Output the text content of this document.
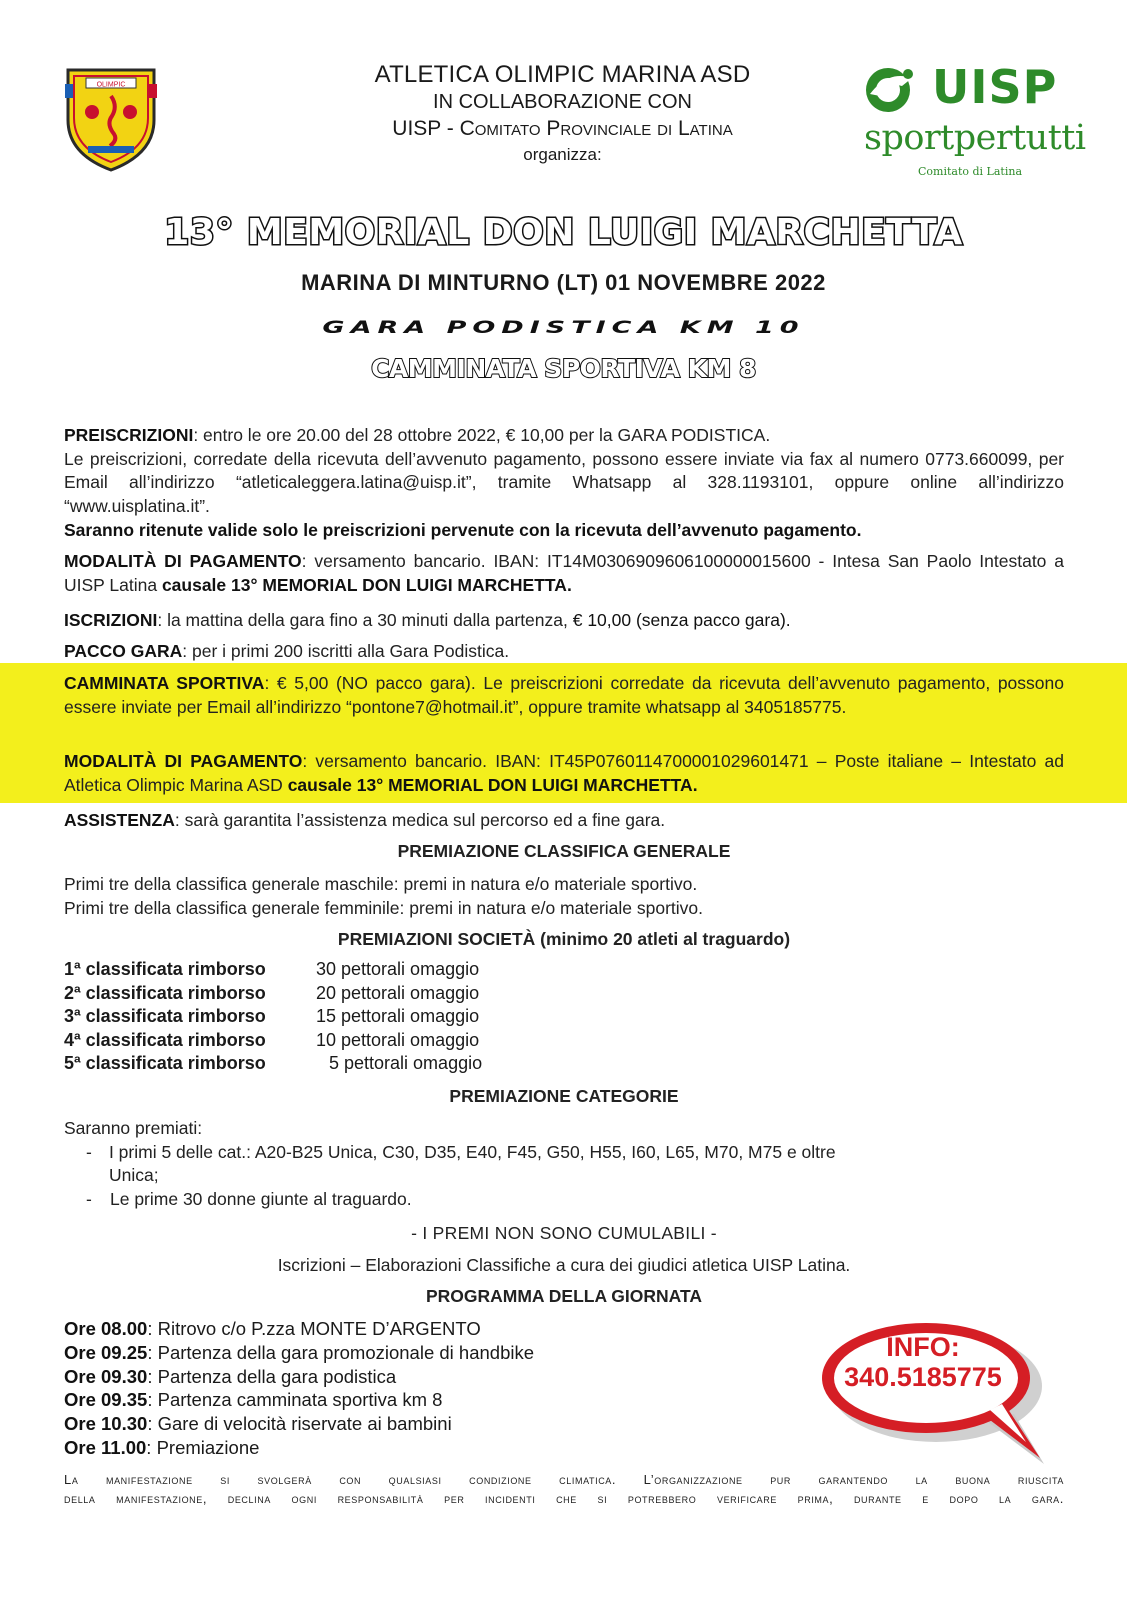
OLIMPIC	ATLETICA OLIMPIC MARINA ASD
IN COLLABORAZIONE CON
UISP - Comitato Provinciale di Latina
organizza:
UISP
sportpertutti
Comitato di Latina
13° MEMORIAL DON LUIGI MARCHETTA
MARINA DI MINTURNO (LT) 01 NOVEMBRE 2022
GARA PODISTICA KM 10
CAMMINATA SPORTIVA KM 8

PREISCRIZIONI: entro le ore 20.00 del 28 ottobre 2022, € 10,00 per la GARA PODISTICA.

Le preiscrizioni, corredate della ricevuta dell’avvenuto pagamento, possono essere inviate via fax al numero 0773.660099, per Email all’indirizzo “atleticaleggera.latina@uisp.it”, tramite Whatsapp al 328.1193101, oppure online all’indirizzo “www.uisplatina.it”.

Saranno ritenute valide solo le preiscrizioni pervenute con la ricevuta dell’avvenuto pagamento.

MODALITÀ DI PAGAMENTO: versamento bancario. IBAN: IT14M0306909606100000015600 - Intesa San Paolo Intestato a UISP Latina causale 13° MEMORIAL DON LUIGI MARCHETTA.

ISCRIZIONI: la mattina della gara fino a 30 minuti dalla partenza, € 10,00 (senza pacco gara).

PACCO GARA: per i primi 200 iscritti alla Gara Podistica.

CAMMINATA SPORTIVA: € 5,00 (NO pacco gara). Le preiscrizioni corredate da ricevuta dell’avvenuto pagamento, possono essere inviate per Email all’indirizzo “pontone7@hotmail.it”, oppure tramite whatsapp al 3405185775.

MODALITÀ DI PAGAMENTO: versamento bancario. IBAN: IT45P0760114700001029601471 – Poste italiane – Intestato ad Atletica Olimpic Marina ASD causale 13° MEMORIAL DON LUIGI MARCHETTA.

ASSISTENZA: sarà garantita l’assistenza medica sul percorso ed a fine gara.

PREMIAZIONE CLASSIFICA GENERALE

Primi tre della classifica generale maschile: premi in natura e/o materiale sportivo.

Primi tre della classifica generale femminile: premi in natura e/o materiale sportivo.

PREMIAZIONI SOCIETÀ (minimo 20 atleti al traguardo)
1ª classificata rimborso	30 pettorali omaggio
2ª classificata rimborso	20 pettorali omaggio
3ª classificata rimborso	15 pettorali omaggio
4ª classificata rimborso	10 pettorali omaggio
5ª classificata rimborso	5 pettorali omaggio
PREMIAZIONE CATEGORIE

Saranno premiati:

- I primi 5 delle cat.: A20-B25 Unica, C30, D35, E40, F45, G50, H55, I60, L65, M70, M75 e oltre Unica;
-	Le prime 30 donne giunte al traguardo.
- I PREMI NON SONO CUMULABILI -
Iscrizioni – Elaborazioni Classifiche a cura dei giudici atletica UISP Latina.
PROGRAMMA DELLA GIORNATA
Ore 08.00: Ritrovo c/o P.zza MONTE D’ARGENTO
Ore 09.25: Partenza della gara promozionale di handbike
Ore 09.30: Partenza della gara podistica
Ore 09.35: Partenza camminata sportiva km 8
Ore 10.30: Gare di velocità riservate ai bambini
Ore 11.00: Premiazione
INFO:
340.5185775
La manifestazione si svolgerà con qualsiasi condizione climatica. L’organizzazione pur garantendo la buona riuscita
della manifestazione, declina ogni responsabilità per incidenti che si potrebbero verificare prima, durante e dopo la gara.
